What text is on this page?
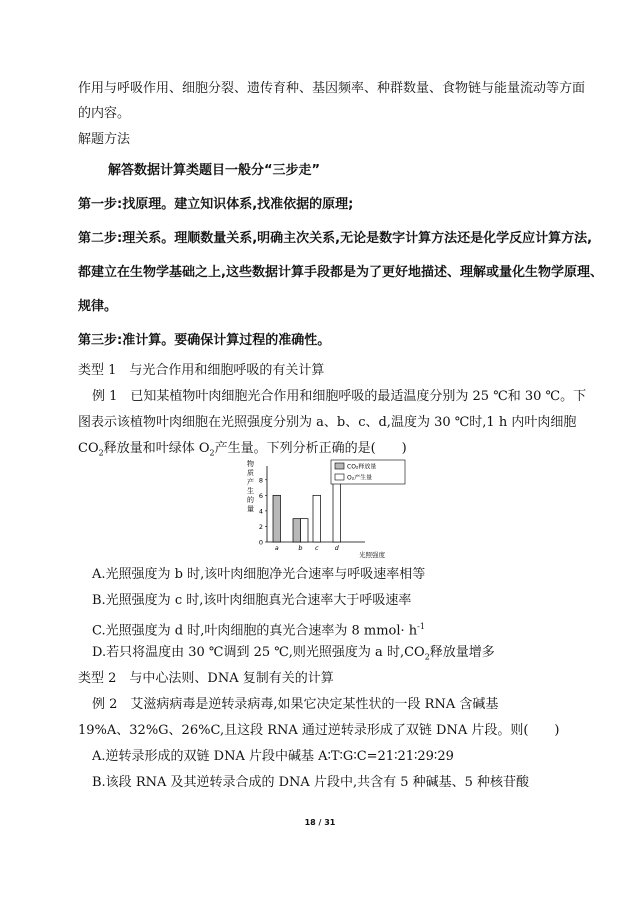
作用与呼吸作用、细胞分裂、遗传育种、基因频率、种群数量、食物链与能量流动等方面
的内容。
解题方法
解答数据计算类题目一般分“三步走”
第一步:找原理。建立知识体系,找准依据的原理;
第二步:理关系。理顺数量关系,明确主次关系,无论是数字计算方法还是化学反应计算方法,
都建立在生物学基础之上,这些数据计算手段都是为了更好地描述、理解或量化生物学原理、
规律。
第三步:准计算。要确保计算过程的准确性。
类型 1　与光合作用和细胞呼吸的有关计算
例 1　已知某植物叶肉细胞光合作用和细胞呼吸的最适温度分别为 25 ℃和 30 ℃。下
图表示该植物叶肉细胞在光照强度分别为 a、b、c、d,温度为 30 ℃时,1 h 内叶肉细胞
$CO_2$释放量和叶绿体 $O_2$产生量。下列分析正确的是(　　)
物
质
产
生
的
量
0
2
4
6
8
光照强度
a	b c d
CO₂释放量
O₂产生量
A.光照强度为 b 时,该叶肉细胞净光合速率与呼吸速率相等
B.光照强度为 c 时,该叶肉细胞真光合速率大于呼吸速率
C.光照强度为 d 时,叶肉细胞的真光合速率为 8 mmol· $h^{-1}$
D.若只将温度由 30 ℃调到 25 ℃,则光照强度为 a 时$,CO_2$释放量增多
类型 2　与中心法则、DNA 复制有关的计算
例 2　艾滋病病毒是逆转录病毒,如果它决定某性状的一段 RNA 含碱基
19%A、32%G、26%C,且这段 RNA 通过逆转录形成了双链 DNA 片段。则(　　)
A.逆转录形成的双链 DNA 片段中碱基 A∶T∶G∶C=21∶21∶29∶29
B.该段 RNA 及其逆转录合成的 DNA 片段中,共含有 5 种碱基、5 种核苷酸
18 / 31
